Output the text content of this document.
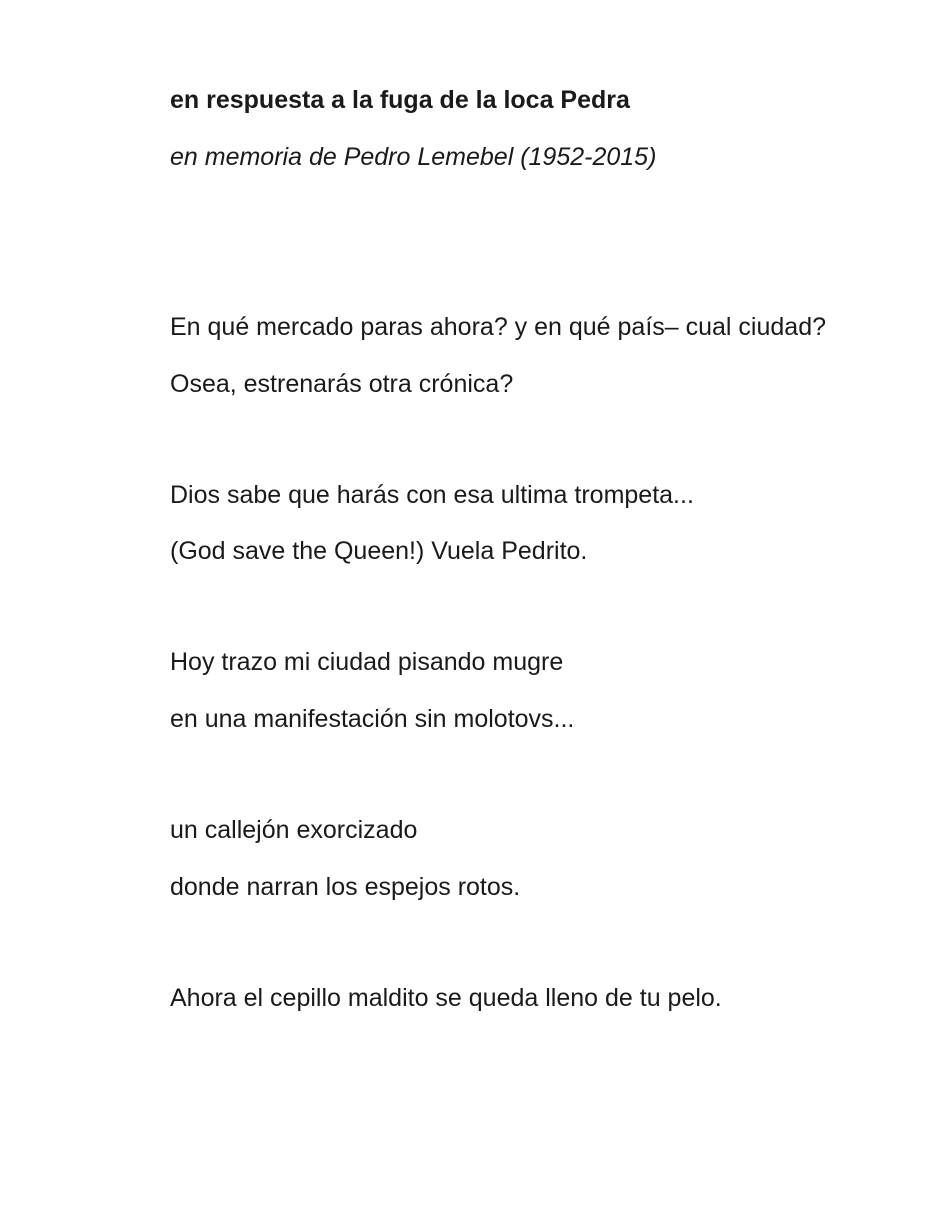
en respuesta a la fuga de la loca Pedra

en memoria de Pedro Lemebel (1952-2015)

En qué mercado paras ahora? y en qué país– cual ciudad?

Osea, estrenarás otra crónica?

Dios sabe que harás con esa ultima trompeta...

(God save the Queen!) Vuela Pedrito.

Hoy trazo mi ciudad pisando mugre

en una manifestación sin molotovs...

un callejón exorcizado

donde narran los espejos rotos.

Ahora el cepillo maldito se queda lleno de tu pelo.
